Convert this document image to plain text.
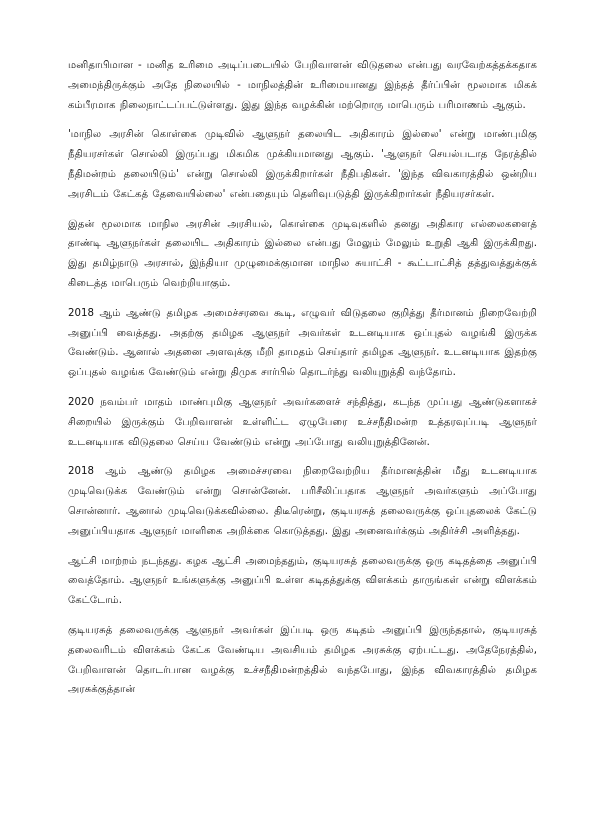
மனிதாபிமான - மனித உரிமை அடிப்படையில் பேறிவாளன் விடுதலை என்பது வரவேற்கத்தக்கதாக அமைந்திருக்கும் அதே நிலையில் - மாநிலத்தின் உரிமையானது இந்தத் தீர்ப்பின் மூலமாக மிகக் கம்பீரமாக நிலைநாட்டப்பட்டுள்ளது. இது இந்த வழக்கின் மற்றொரு மாபெரும் பரிமாணம் ஆகும்.

'மாநில அரசின் கொள்கை முடிவில் ஆளுநர் தலையிட அதிகாரம் இல்லை' என்று மாண்புமிகு நீதியரசர்கள் சொல்லி இருப்பது மிகமிக முக்கியமானது ஆகும். 'ஆளுநர் செயல்படாத நேரத்தில் நீதிமன்றம் தலையிடும்' என்று சொல்லி இருக்கிறார்கள் நீதிபதிகள். 'இந்த விவகாரத்தில் ஒன்றிய அரசிடம் கேட்கத் தேவையில்லை' என்பதையும் தெளிவுபடுத்தி இருக்கிறார்கள் நீதியரசர்கள்.

இதன் மூலமாக மாநில அரசின் அரசியல், கொள்கை முடிவுகளில் தனது அதிகார எல்லைகளைத் தாண்டி ஆளுநர்கள் தலையிட அதிகாரம் இல்லை என்பது மேலும் மேலும் உறுதி ஆகி இருக்கிறது. இது தமிழ்நாடு அரசால், இந்தியா முழுமைக்குமான மாநில சுயாட்சி - கூட்டாட்சித் தத்துவத்துக்குக் கிடைத்த மாபெரும் வெற்றியாகும்.

2018 ஆம் ஆண்டு தமிழக அமைச்சரவை கூடி, எழுவர் விடுதலை குறித்து தீர்மானம் நிறைவேற்றி அனுப்பி வைத்தது. அதற்கு தமிழக ஆளுநர் அவர்கள் உடனடியாக ஒப்புதல் வழங்கி இருக்க வேண்டும். ஆனால் அதனை அளவுக்கு மீறி தாமதம் செய்தார் தமிழக ஆளுநர். உடனடியாக இதற்கு ஒப்புதல் வழங்க வேண்டும் என்று திமுக சார்பில் தொடர்ந்து வலியுறுத்தி வந்தோம்.

2020 நவம்பர் மாதம் மாண்புமிகு ஆளுநர் அவர்களைச் சந்தித்து, கடந்த முப்பது ஆண்டுகளாகச் சிறையில் இருக்கும் பேறிவாளன் உள்ளிட்ட ஏழுபேரை உச்சநீதிமன்ற உத்தரவுப்படி ஆளுநர் உடனடியாக விடுதலை செய்ய வேண்டும் என்று அப்போது வலியுறுத்தினேன்.

2018 ஆம் ஆண்டு தமிழக அமைச்சரவை நிறைவேற்றிய தீர்மானத்தின் மீது உடனடியாக முடிவெடுக்க வேண்டும் என்று சொன்னேன். பரிசீலிப்பதாக ஆளுநர் அவர்களும் அப்போது சொன்னார். ஆனால் முடிவெடுக்கவில்லை. திடீரென்று, குடியரசுத் தலைவருக்கு ஒப்புதலைக் கேட்டு அனுப்பியதாக ஆளுநர் மாளிகை அறிக்கை கொடுத்தது. இது அனைவர்க்கும் அதிர்ச்சி அளித்தது.

ஆட்சி மாற்றம் நடந்தது. கழக ஆட்சி அமைந்ததும், குடியரசுத் தலைவருக்கு ஒரு கடிதத்தை அனுப்பி வைத்தோம். ஆளுநர் உங்களுக்கு அனுப்பி உள்ள கடிதத்துக்கு விளக்கம் தாருங்கள் என்று விளக்கம் கேட்டோம்.

குடியரசுத் தலைவருக்கு ஆளுநர் அவர்கள் இப்படி ஒரு கடிதம் அனுப்பி இருந்ததால், குடியரசுத் தலைவரிடம் விளக்கம் கேட்க வேண்டிய அவசியம் தமிழக அரசுக்கு ஏற்பட்டது. அதேநேரத்தில், பேறிவாளன் தொடர்பான வழக்கு உச்சநீதிமன்றத்தில் வந்தபோது, இந்த விவகாரத்தில் தமிழக அரசுக்குத்தான்
